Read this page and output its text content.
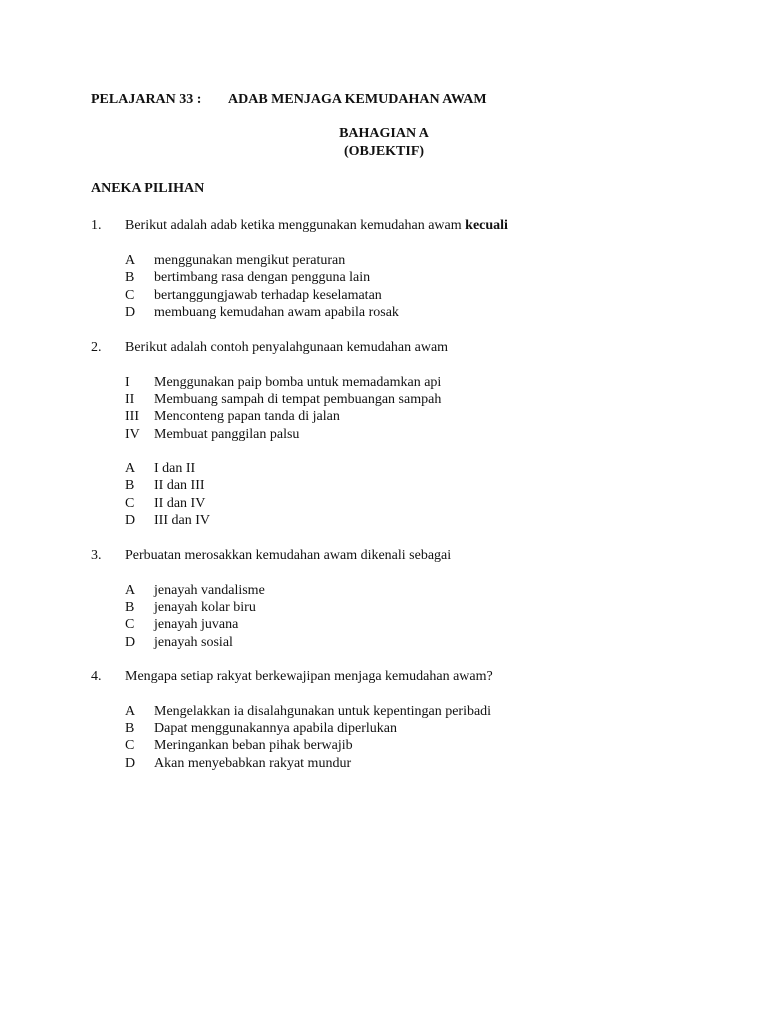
PELAJARAN 33 : ADAB MENJAGA KEMUDAHAN AWAM
BAHAGIAN A
(OBJEKTIF)
ANEKA PILIHAN
1. Berikut adalah adab ketika menggunakan kemudahan awam kecuali
A menggunakan mengikut peraturan
B bertimbang rasa dengan pengguna lain
C bertanggungjawab terhadap keselamatan
D membuang kemudahan awam apabila rosak
2. Berikut adalah contoh penyalahgunaan kemudahan awam
I Menggunakan paip bomba untuk memadamkan api
II Membuang sampah di tempat pembuangan sampah
III Menconteng papan tanda di jalan
IV Membuat panggilan palsu
A I dan II
B II dan III
C II dan IV
D III dan IV
3. Perbuatan merosakkan kemudahan awam dikenali sebagai
A jenayah vandalisme
B jenayah kolar biru
C jenayah juvana
D jenayah sosial
4. Mengapa setiap rakyat berkewajipan menjaga kemudahan awam?
A Mengelakkan ia disalahgunakan untuk kepentingan peribadi
B Dapat menggunakannya apabila diperlukan
C Meringankan beban pihak berwajib
D Akan menyebabkan rakyat mundur
